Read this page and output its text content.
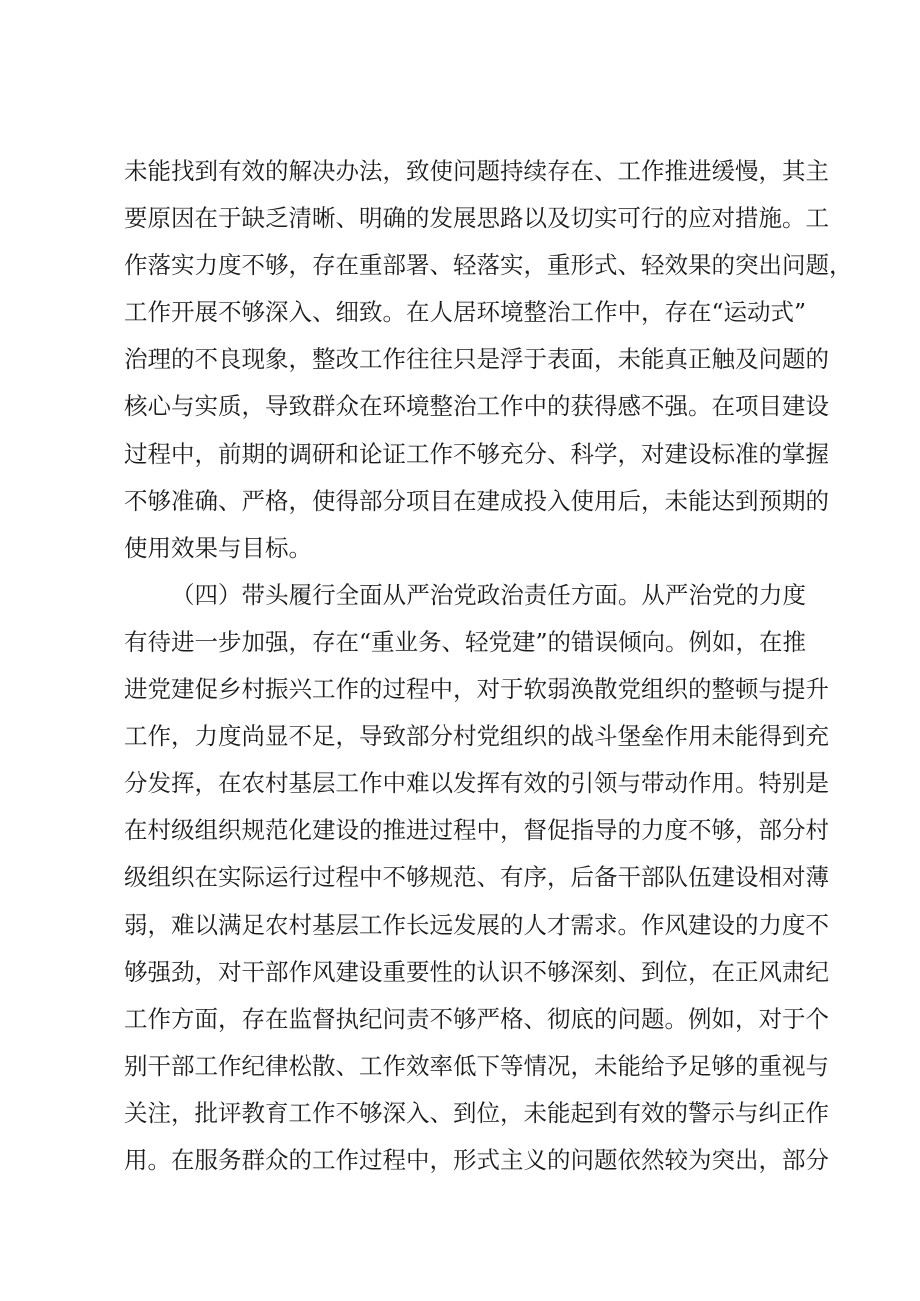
未能找到有效的解决办法，致使问题持续存在、工作推进缓慢，其主
要原因在于缺乏清晰、明确的发展思路以及切实可行的应对措施。工
作落实力度不够，存在重部署、轻落实，重形式、轻效果的突出问题，
工作开展不够深入、细致。在人居环境整治工作中，存在“运动式”
治理的不良现象，整改工作往往只是浮于表面，未能真正触及问题的
核心与实质，导致群众在环境整治工作中的获得感不强。在项目建设
过程中，前期的调研和论证工作不够充分、科学，对建设标准的掌握
不够准确、严格，使得部分项目在建成投入使用后，未能达到预期的
使用效果与目标。
（四）带头履行全面从严治党政治责任方面。从严治党的力度
有待进一步加强，存在“重业务、轻党建”的错误倾向。例如，在推
进党建促乡村振兴工作的过程中，对于软弱涣散党组织的整顿与提升
工作，力度尚显不足，导致部分村党组织的战斗堡垒作用未能得到充
分发挥，在农村基层工作中难以发挥有效的引领与带动作用。特别是
在村级组织规范化建设的推进过程中，督促指导的力度不够，部分村
级组织在实际运行过程中不够规范、有序，后备干部队伍建设相对薄
弱，难以满足农村基层工作长远发展的人才需求。作风建设的力度不
够强劲，对干部作风建设重要性的认识不够深刻、到位，在正风肃纪
工作方面，存在监督执纪问责不够严格、彻底的问题。例如，对于个
别干部工作纪律松散、工作效率低下等情况，未能给予足够的重视与
关注，批评教育工作不够深入、到位，未能起到有效的警示与纠正作
用。在服务群众的工作过程中，形式主义的问题依然较为突出，部分
